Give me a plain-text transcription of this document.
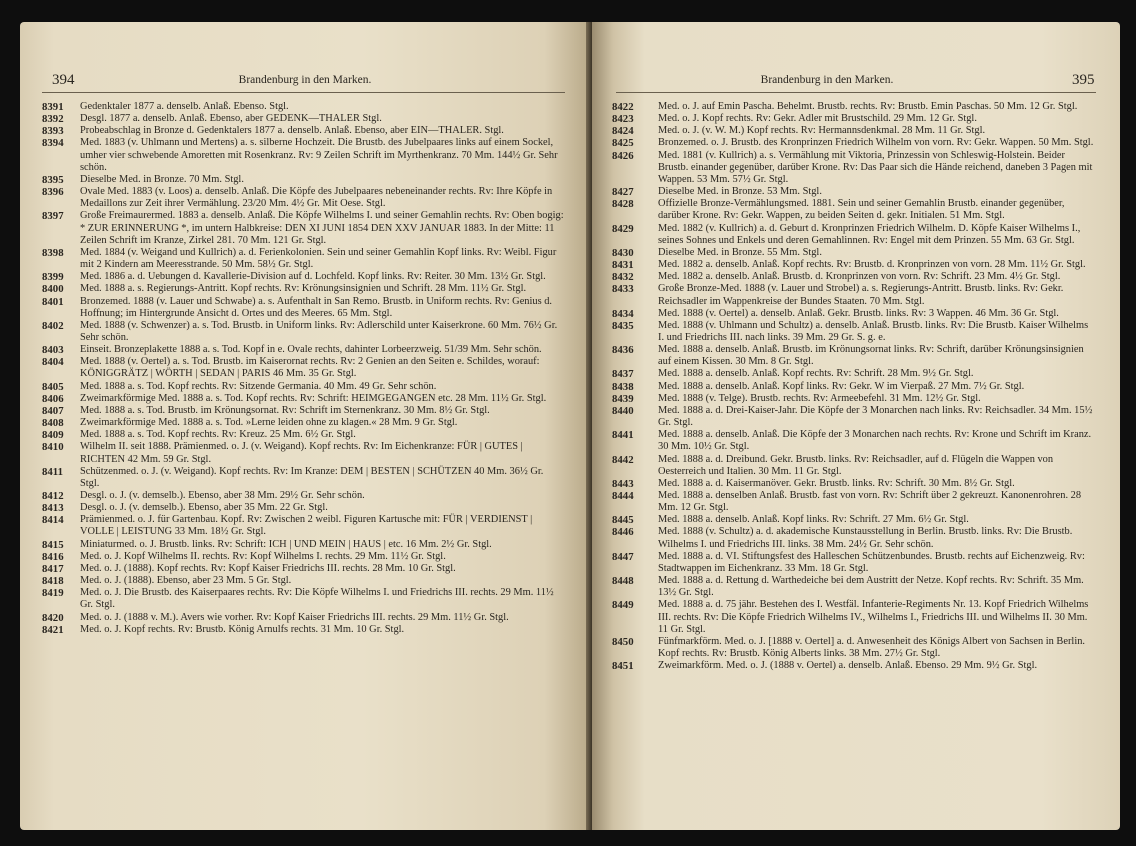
394	Brandenburg in den Marken.
8391 Gedenktaler 1877 a. denselb. Anlaß. Ebenso. Stgl.
8392 Desgl. 1877 a. denselb. Anlaß. Ebenso, aber GEDENK—THALER Stgl.
8393 Probeabschlag in Bronze d. Gedenktalers 1877 a. denselb. Anlaß. Ebenso, aber EIN—THALER. Stgl.
8394 Med. 1883 (v. Uhlmann und Mertens) a. s. silberne Hochzeit. Die Brustb. des Jubelpaares links auf einem Sockel, umher vier schwebende Amoretten mit Rosenkranz. Rv: 9 Zeilen Schrift im Myrthenkranz. 70 Mm. 144½ Gr. Sehr schön.
8395 Dieselbe Med. in Bronze. 70 Mm. Stgl.
8396 Ovale Med. 1883 (v. Loos) a. denselb. Anlaß. Die Köpfe des Jubelpaares nebeneinander rechts. Rv: Ihre Köpfe in Medaillons zur Zeit ihrer Vermählung. 23/20 Mm. 4½ Gr. Mit Oese. Stgl.
8397 Große Freimaurermed. 1883 a. denselb. Anlaß. Die Köpfe Wilhelms I. und seiner Gemahlin rechts. Rv: Oben bogig: * ZUR ERINNERUNG *, im untern Halbkreise: DEN XI JUNI 1854 DEN XXV JANUAR 1883. In der Mitte: 11 Zeilen Schrift im Kranze, Zirkel 281. 70 Mm. 121 Gr. Stgl.
8398 Med. 1884 (v. Weigand und Kullrich) a. d. Ferienkolonien. Sein und seiner Gemahlin Kopf links. Rv: Weibl. Figur mit 2 Kindern am Meeresstrande. 50 Mm. 58½ Gr. Stgl.
8399 Med. 1886 a. d. Uebungen d. Kavallerie-Division auf d. Lochfeld. Kopf links. Rv: Reiter. 30 Mm. 13½ Gr. Stgl.
8400 Med. 1888 a. s. Regierungs-Antritt. Kopf rechts. Rv: Krönungsinsignien und Schrift. 28 Mm. 11½ Gr. Stgl.
8401 Bronzemed. 1888 (v. Lauer und Schwabe) a. s. Aufenthalt in San Remo. Brustb. in Uniform rechts. Rv: Genius d. Hoffnung; im Hintergrunde Ansicht d. Ortes und des Meeres. 65 Mm. Stgl.
8402 Med. 1888 (v. Schwenzer) a. s. Tod. Brustb. in Uniform links. Rv: Adlerschild unter Kaiserkrone. 60 Mm. 76½ Gr. Sehr schön.
8403 Einseit. Bronzeplakette 1888 a. s. Tod. Kopf in e. Ovale rechts, dahinter Lorbeerzweig. 51/39 Mm. Sehr schön.
8404 Med. 1888 (v. Oertel) a. s. Tod. Brustb. im Kaiserornat rechts. Rv: 2 Genien an den Seiten e. Schildes, worauf: KÖNIGGRÄTZ | WÖRTH | SEDAN | PARIS 46 Mm. 35 Gr. Stgl.
8405 Med. 1888 a. s. Tod. Kopf rechts. Rv: Sitzende Germania. 40 Mm. 49 Gr. Sehr schön.
8406 Zweimarkförmige Med. 1888 a. s. Tod. Kopf rechts. Rv: Schrift: HEIMGEGANGEN etc. 28 Mm. 11½ Gr. Stgl.
8407 Med. 1888 a. s. Tod. Brustb. im Krönungsornat. Rv: Schrift im Sternenkranz. 30 Mm. 8½ Gr. Stgl.
8408 Zweimarkförmige Med. 1888 a. s. Tod. »Lerne leiden ohne zu klagen.« 28 Mm. 9 Gr. Stgl.
8409 Med. 1888 a. s. Tod. Kopf rechts. Rv: Kreuz. 25 Mm. 6½ Gr. Stgl.
8410 Wilhelm II. seit 1888. Prämienmed. o. J. (v. Weigand). Kopf rechts. Rv: Im Eichenkranze: FÜR | GUTES | RICHTEN 42 Mm. 59 Gr. Stgl.
8411 Schützenmed. o. J. (v. Weigand). Kopf rechts. Rv: Im Kranze: DEM | BESTEN | SCHÜTZEN 40 Mm. 36½ Gr. Stgl.
8412 Desgl. o. J. (v. demselb.). Ebenso, aber 38 Mm. 29½ Gr. Sehr schön.
8413 Desgl. o. J. (v. demselb.). Ebenso, aber 35 Mm. 22 Gr. Stgl.
8414 Prämienmed. o. J. für Gartenbau. Kopf. Rv: Zwischen 2 weibl. Figuren Kartusche mit: FÜR | VERDIENST | VOLLE | LEISTUNG 33 Mm. 18½ Gr. Stgl.
8415 Miniaturmed. o. J. Brustb. links. Rv: Schrift: ICH | UND MEIN | HAUS | etc. 16 Mm. 2½ Gr. Stgl.
8416 Med. o. J. Kopf Wilhelms II. rechts. Rv: Kopf Wilhelms I. rechts. 29 Mm. 11½ Gr. Stgl.
8417 Med. o. J. (1888). Kopf rechts. Rv: Kopf Kaiser Friedrichs III. rechts. 28 Mm. 10 Gr. Stgl.
8418 Med. o. J. (1888). Ebenso, aber 23 Mm. 5 Gr. Stgl.
8419 Med. o. J. Die Brustb. des Kaiserpaares rechts. Rv: Die Köpfe Wilhelms I. und Friedrichs III. rechts. 29 Mm. 11½ Gr. Stgl.
8420 Med. o. J. (1888 v. M.). Avers wie vorher. Rv: Kopf Kaiser Friedrichs III. rechts. 29 Mm. 11½ Gr. Stgl.
8421 Med. o. J. Kopf rechts. Rv: Brustb. König Arnulfs rechts. 31 Mm. 10 Gr. Stgl.
Brandenburg in den Marken.	395
8422 Med. o. J. auf Emin Pascha. Behelmt. Brustb. rechts. Rv: Brustb. Emin Paschas. 50 Mm. 12 Gr. Stgl.
8423 Med. o. J. Kopf rechts. Rv: Gekr. Adler mit Brustschild. 29 Mm. 12 Gr. Stgl.
8424 Med. o. J. (v. W. M.) Kopf rechts. Rv: Hermannsdenkmal. 28 Mm. 11 Gr. Stgl.
8425 Bronzemed. o. J. Brustb. des Kronprinzen Friedrich Wilhelm von vorn. Rv: Gekr. Wappen. 50 Mm. Stgl.
8426 Med. 1881 (v. Kullrich) a. s. Vermählung mit Viktoria, Prinzessin von Schleswig-Holstein. Beider Brustb. einander gegenüber, darüber Krone. Rv: Das Paar sich die Hände reichend, daneben 3 Pagen mit Wappen. 53 Mm. 57½ Gr. Stgl.
8427 Dieselbe Med. in Bronze. 53 Mm. Stgl.
8428 Offizielle Bronze-Vermählungsmed. 1881. Sein und seiner Gemahlin Brustb. einander gegenüber, darüber Krone. Rv: Gekr. Wappen, zu beiden Seiten d. gekr. Initialen. 51 Mm. Stgl.
8429 Med. 1882 (v. Kullrich) a. d. Geburt d. Kronprinzen Friedrich Wilhelm. D. Köpfe Kaiser Wilhelms I., seines Sohnes und Enkels und deren Gemahlinnen. Rv: Engel mit dem Prinzen. 55 Mm. 63 Gr. Stgl.
8430 Dieselbe Med. in Bronze. 55 Mm. Stgl.
8431 Med. 1882 a. denselb. Anlaß. Kopf rechts. Rv: Brustb. d. Kronprinzen von vorn. 28 Mm. 11½ Gr. Stgl.
8432 Med. 1882 a. denselb. Anlaß. Brustb. d. Kronprinzen von vorn. Rv: Schrift. 23 Mm. 4½ Gr. Stgl.
8433 Große Bronze-Med. 1888 (v. Lauer und Strobel) a. s. Regierungs-Antritt. Brustb. links. Rv: Gekr. Reichsadler im Wappenkreise der Bundes Staaten. 70 Mm. Stgl.
8434 Med. 1888 (v. Oertel) a. denselb. Anlaß. Gekr. Brustb. links. Rv: 3 Wappen. 46 Mm. 36 Gr. Stgl.
8435 Med. 1888 (v. Uhlmann und Schultz) a. denselb. Anlaß. Brustb. links. Rv: Die Brustb. Kaiser Wilhelms I. und Friedrichs III. nach links. 39 Mm. 29 Gr. S. g. e.
8436 Med. 1888 a. denselb. Anlaß. Brustb. im Krönungsornat links. Rv: Schrift, darüber Krönungsinsignien auf einem Kissen. 30 Mm. 8 Gr. Stgl.
8437 Med. 1888 a. denselb. Anlaß. Kopf rechts. Rv: Schrift. 28 Mm. 9½ Gr. Stgl.
8438 Med. 1888 a. denselb. Anlaß. Kopf links. Rv: Gekr. W im Vierpaß. 27 Mm. 7½ Gr. Stgl.
8439 Med. 1888 (v. Telge). Brustb. rechts. Rv: Armeebefehl. 31 Mm. 12½ Gr. Stgl.
8440 Med. 1888 a. d. Drei-Kaiser-Jahr. Die Köpfe der 3 Monarchen nach links. Rv: Reichsadler. 34 Mm. 15½ Gr. Stgl.
8441 Med. 1888 a. denselb. Anlaß. Die Köpfe der 3 Monarchen nach rechts. Rv: Krone und Schrift im Kranz. 30 Mm. 10½ Gr. Stgl.
8442 Med. 1888 a. d. Dreibund. Gekr. Brustb. links. Rv: Reichsadler, auf d. Flügeln die Wappen von Oesterreich und Italien. 30 Mm. 11 Gr. Stgl.
8443 Med. 1888 a. d. Kaisermanöver. Gekr. Brustb. links. Rv: Schrift. 30 Mm. 8½ Gr. Stgl.
8444 Med. 1888 a. denselben Anlaß. Brustb. fast von vorn. Rv: Schrift über 2 gekreuzt. Kanonenrohren. 28 Mm. 12 Gr. Stgl.
8445 Med. 1888 a. denselb. Anlaß. Kopf links. Rv: Schrift. 27 Mm. 6½ Gr. Stgl.
8446 Med. 1888 (v. Schultz) a. d. akademische Kunstausstellung in Berlin. Brustb. links. Rv: Die Brustb. Wilhelms I. und Friedrichs III. links. 38 Mm. 24½ Gr. Sehr schön.
8447 Med. 1888 a. d. VI. Stiftungsfest des Halleschen Schützenbundes. Brustb. rechts auf Eichenzweig. Rv: Stadtwappen im Eichenkranz. 33 Mm. 18 Gr. Stgl.
8448 Med. 1888 a. d. Rettung d. Warthedeiche bei dem Austritt der Netze. Kopf rechts. Rv: Schrift. 35 Mm. 13½ Gr. Stgl.
8449 Med. 1888 a. d. 75 jähr. Bestehen des I. Westfäl. Infanterie-Regiments Nr. 13. Kopf Friedrich Wilhelms III. rechts. Rv: Die Köpfe Friedrich Wilhelms IV., Wilhelms I., Friedrichs III. und Wilhelms II. 30 Mm. 11 Gr. Stgl.
8450 Fünfmarkförm. Med. o. J. [1888 v. Oertel] a. d. Anwesenheit des Königs Albert von Sachsen in Berlin. Kopf rechts. Rv: Brustb. König Alberts links. 38 Mm. 27½ Gr. Stgl.
8451 Zweimarkförm. Med. o. J. (1888 v. Oertel) a. denselb. Anlaß. Ebenso. 29 Mm. 9½ Gr. Stgl.
